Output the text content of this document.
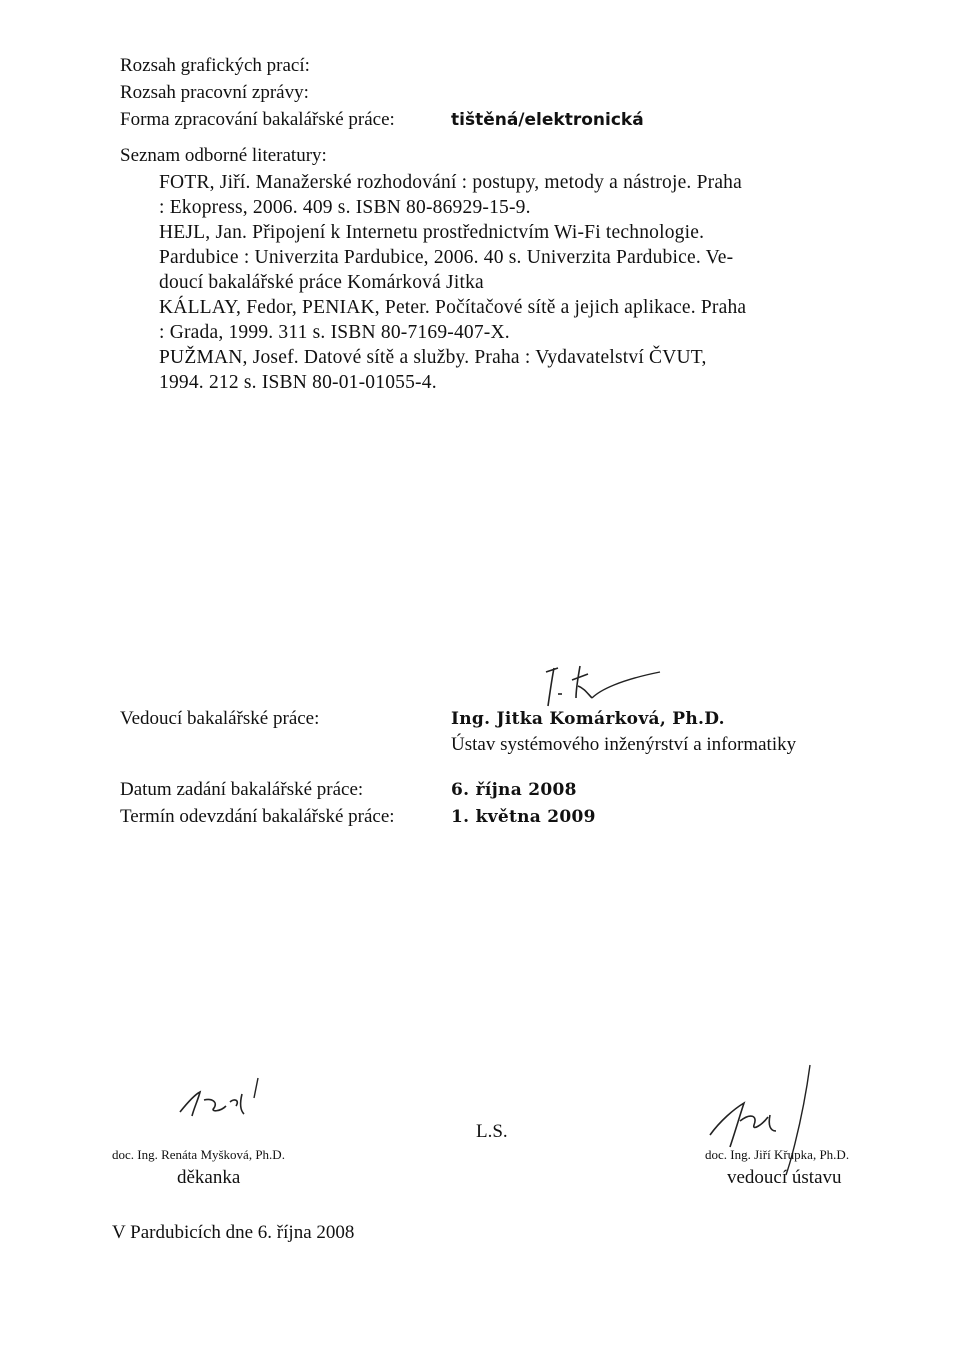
Rozsah grafických prací:
Rozsah pracovní zprávy:
Forma zpracování bakalářské práce:	tištěná/elektronická
Seznam odborné literatury:
FOTR, Jiří. Manažerské rozhodování : postupy, metody a nástroje. Praha
: Ekopress, 2006. 409 s. ISBN 80-86929-15-9.
HEJL, Jan. Připojení k Internetu prostřednictvím Wi-Fi technologie.
Pardubice : Univerzita Pardubice, 2006. 40 s. Univerzita Pardubice. Ve-
doucí bakalářské práce Komárková Jitka
KÁLLAY, Fedor, PENIAK, Peter. Počítačové sítě a jejich aplikace. Praha
: Grada, 1999. 311 s. ISBN 80-7169-407-X.
PUŽMAN, Josef. Datové sítě a služby. Praha : Vydavatelství ČVUT,
1994. 212 s. ISBN 80-01-01055-4.
Vedoucí bakalářské práce:	Ing. Jitka Komárková, Ph.D.
Ústav systémového inženýrství a informatiky
Datum zadání bakalářské práce:	6. října 2008
Termín odevzdání bakalářské práce:	1. května 2009
doc. Ing. Renáta Myšková, Ph.D.
děkanka
L.S.
doc. Ing. Jiří Křupka, Ph.D.
vedoucí ústavu
V Pardubicích dne 6. října 2008
